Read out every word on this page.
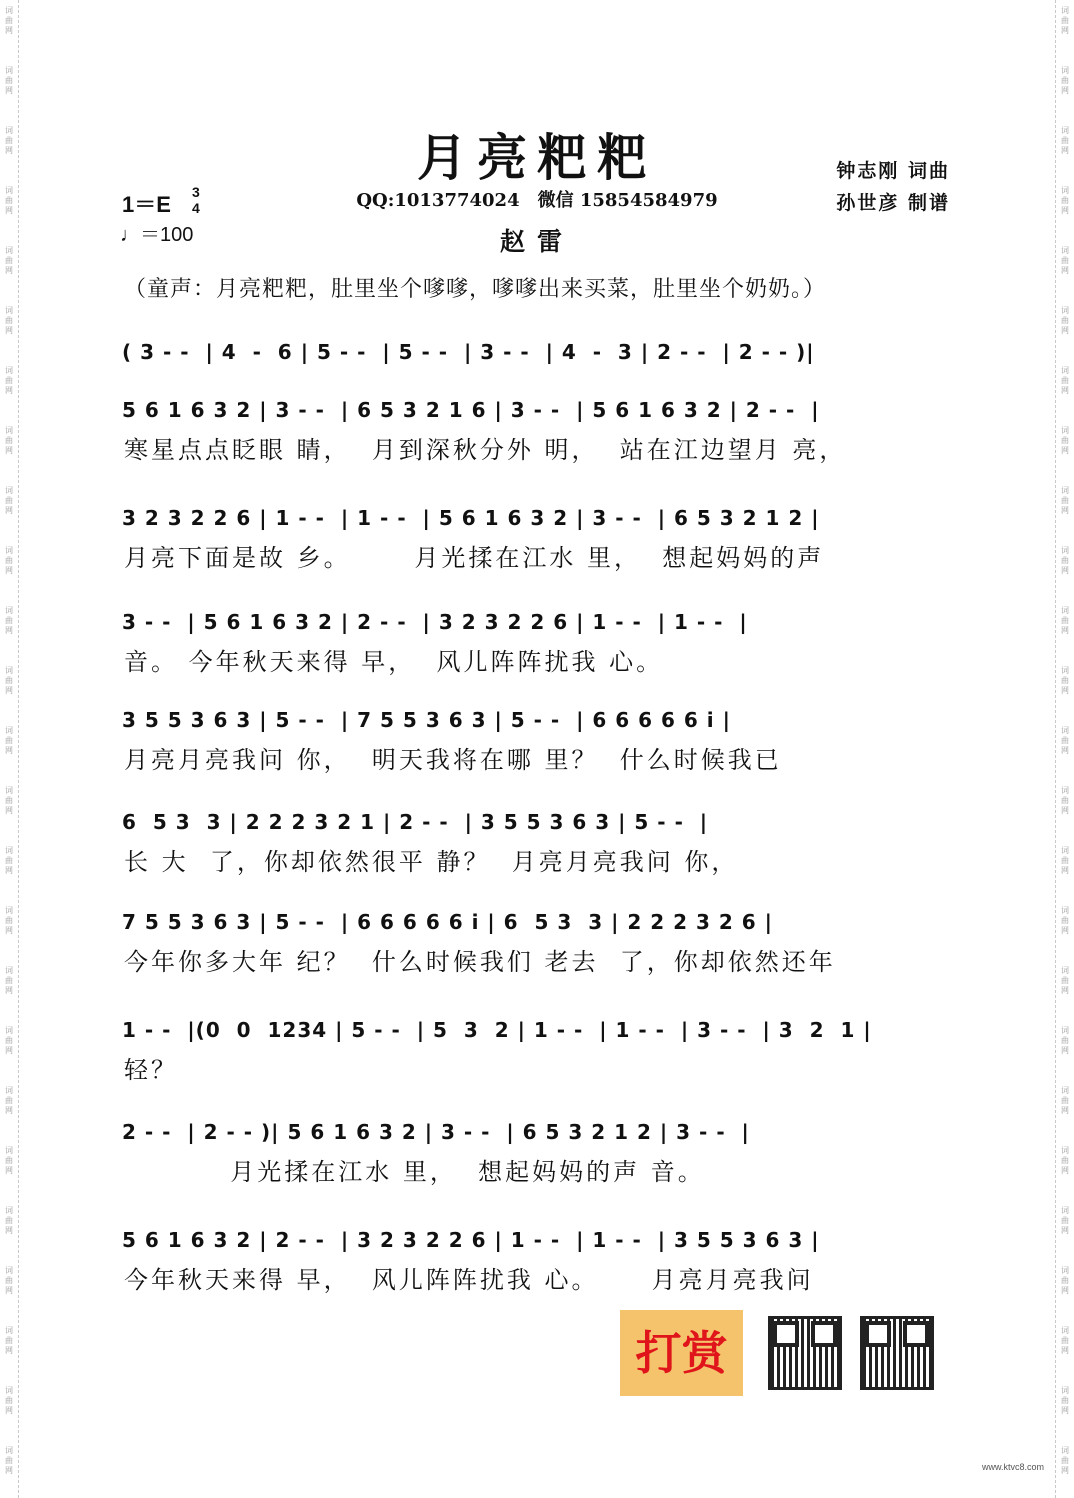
词
曲
网
词
曲
网
词
曲
网
词
曲
网
词
曲
网
词
曲
网
词
曲
网
词
曲
网
词
曲
网
词
曲
网
词
曲
网
词
曲
网
词
曲
网
词
曲
网
词
曲
网
词
曲
网
词
曲
网
词
曲
网
词
曲
网
词
曲
网
词
曲
网
词
曲
网
词
曲
网
词
曲
网
词
曲
网
词
曲
网
词
曲
网
词
曲
网
词
曲
网
词
曲
网
词
曲
网
词
曲
网
词
曲
网
词
曲
网
词
曲
网
词
曲
网
词
曲
网
词
曲
网
词
曲
网
词
曲
网
词
曲
网
词
曲
网
词
曲
网
词
曲
网
词
曲
网
词
曲
网
词
曲
网
词
曲
网
词
曲
网
词
曲
网
月亮粑粑
QQ:1013774024　微信 15854584979
赵雷
钟志刚 词曲
孙世彦 制谱
1＝E 3
4
♩＝100
（童声：月亮粑粑，肚里坐个嗲嗲，嗲嗲出来买菜，肚里坐个奶奶。）
( 3 - -  | 4  -  6 | 5 - -  | 5 - -  | 3 - -  | 4  -  3 | 2 - -  | 2 - - )|
5 6 1 6 3 2 | 3 - -  | 6 5 3 2 1 6 | 3 - -  | 5 6 1 6 3 2 | 2 - -  |
寒星点点眨眼 睛，  月到深秋分外 明，  站在江边望月 亮，
3 2 3 2 2 6 | 1 - -  | 1 - -  | 5 6 1 6 3 2 | 3 - -  | 6 5 3 2 1 2 |
月亮下面是故 乡。      月光揉在江水 里，  想起妈妈的声
3 - -  | 5 6 1 6 3 2 | 2 - -  | 3 2 3 2 2 6 | 1 - -  | 1 - -  |
音。 今年秋天来得 早，  风儿阵阵扰我 心。
3 5 5 3 6 3 | 5 - -  | 7 5 5 3 6 3 | 5 - -  | 6 6 6 6 6 i |
月亮月亮我问 你，  明天我将在哪 里？  什么时候我已
6  5 3  3 | 2 2 2 3 2 1 | 2 - -  | 3 5 5 3 6 3 | 5 - -  |
长 大  了，你却依然很平 静？  月亮月亮我问 你，
7 5 5 3 6 3 | 5 - -  | 6 6 6 6 6 i | 6  5 3  3 | 2 2 2 3 2 6 |
今年你多大年 纪？  什么时候我们 老去  了，你却依然还年
1 - -  |(0  0  1234 | 5 - -  | 5  3  2 | 1 - -  | 1 - -  | 3 - -  | 3  2  1 |
轻？
2 - -  | 2 - - )| 5 6 1 6 3 2 | 3 - -  | 6 5 3 2 1 2 | 3 - -  |
月光揉在江水 里，  想起妈妈的声 音。
5 6 1 6 3 2 | 2 - -  | 3 2 3 2 2 6 | 1 - -  | 1 - -  | 3 5 5 3 6 3 |
今年秋天来得 早，  风儿阵阵扰我 心。     月亮月亮我问
打赏
www.ktvc8.com
